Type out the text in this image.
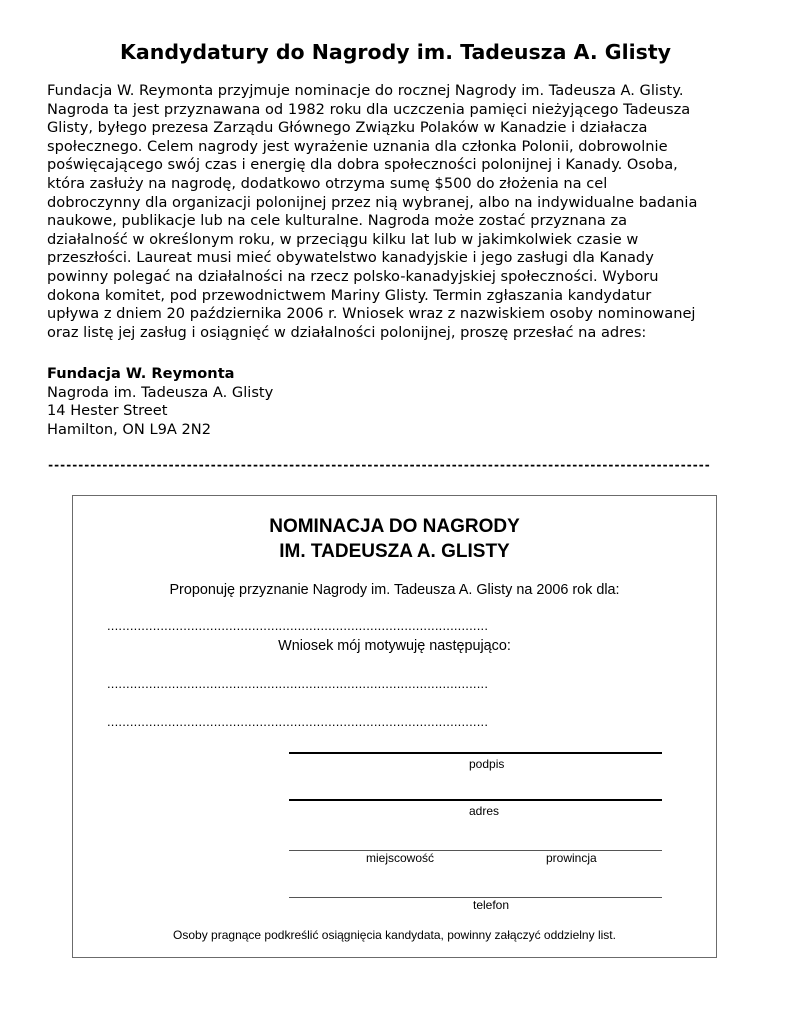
Kandydatury do Nagrody im. Tadeusza A. Glisty
Fundacja W. Reymonta przyjmuje nominacje do rocznej Nagrody im. Tadeusza A. Glisty.
Nagroda ta jest przyznawana od 1982 roku dla uczczenia pamięci nieżyjącego Tadeusza
Glisty, byłego prezesa Zarządu Głównego Związku Polaków w Kanadzie i działacza
społecznego. Celem nagrody jest wyrażenie uznania dla członka Polonii, dobrowolnie
poświęcającego swój czas i energię dla dobra społeczności polonijnej i Kanady. Osoba,
która zasłuży na nagrodę, dodatkowo otrzyma sumę $500 do złożenia na cel
dobroczynny dla organizacji polonijnej przez nią wybranej, albo na indywidualne badania
naukowe, publikacje lub na cele kulturalne. Nagroda może zostać przyznana za
działalność w określonym roku, w przeciągu kilku lat lub w jakimkolwiek czasie w
przeszłości. Laureat musi mieć obywatelstwo kanadyjskie i jego zasługi dla Kanady
powinny polegać na działalności na rzecz polsko-kanadyjskiej społeczności. Wyboru
dokona komitet, pod przewodnictwem Mariny Glisty. Termin zgłaszania kandydatur
upływa z dniem 20 października 2006 r. Wniosek wraz z nazwiskiem osoby nominowanej
oraz listę jej zasług i osiągnięć w działalności polonijnej, proszę przesłać na adres:
Fundacja W. Reymonta
Nagroda im. Tadeusza A. Glisty
14 Hester Street
Hamilton, ON L9A 2N2
--------------------------------------------------------------------------------------------------------------
NOMINACJA DO NAGRODY
IM. TADEUSZA A. GLISTY
Proponuję przyznanie Nagrody im. Tadeusza A. Glisty na 2006 rok dla:
....................................................................................................
Wniosek mój motywuję następująco:
....................................................................................................
....................................................................................................
podpis
adres
miejscowość	prowincja
telefon
Osoby pragnące podkreślić osiągnięcia kandydata, powinny załączyć oddzielny list.
